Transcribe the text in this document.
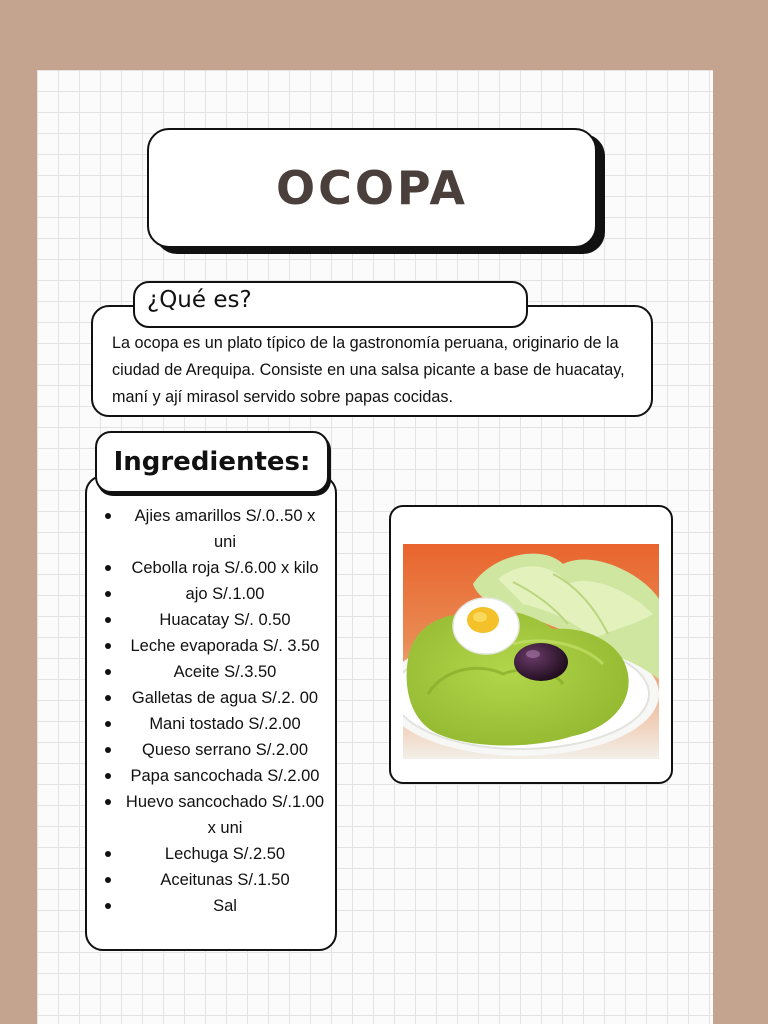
OCOPA
¿Qué es?

La ocopa es un plato típico de la gastronomía peruana, originario de la ciudad de Arequipa. Consiste en una salsa picante a base de huacatay, maní y ají mirasol servido sobre papas cocidas.

Ingredientes:
Ajies amarillos S/.0..50 x uni
Cebolla roja S/.6.00 x kilo
ajo S/.1.00
Huacatay S/. 0.50
Leche evaporada S/. 3.50
Aceite S/.3.50
Galletas de agua S/.2. 00
Mani tostado S/.2.00
Queso serrano S/.2.00
Papa sancochada S/.2.00
Huevo sancochado S/.1.00 x uni
Lechuga S/.2.50
Aceitunas S/.1.50
Sal
